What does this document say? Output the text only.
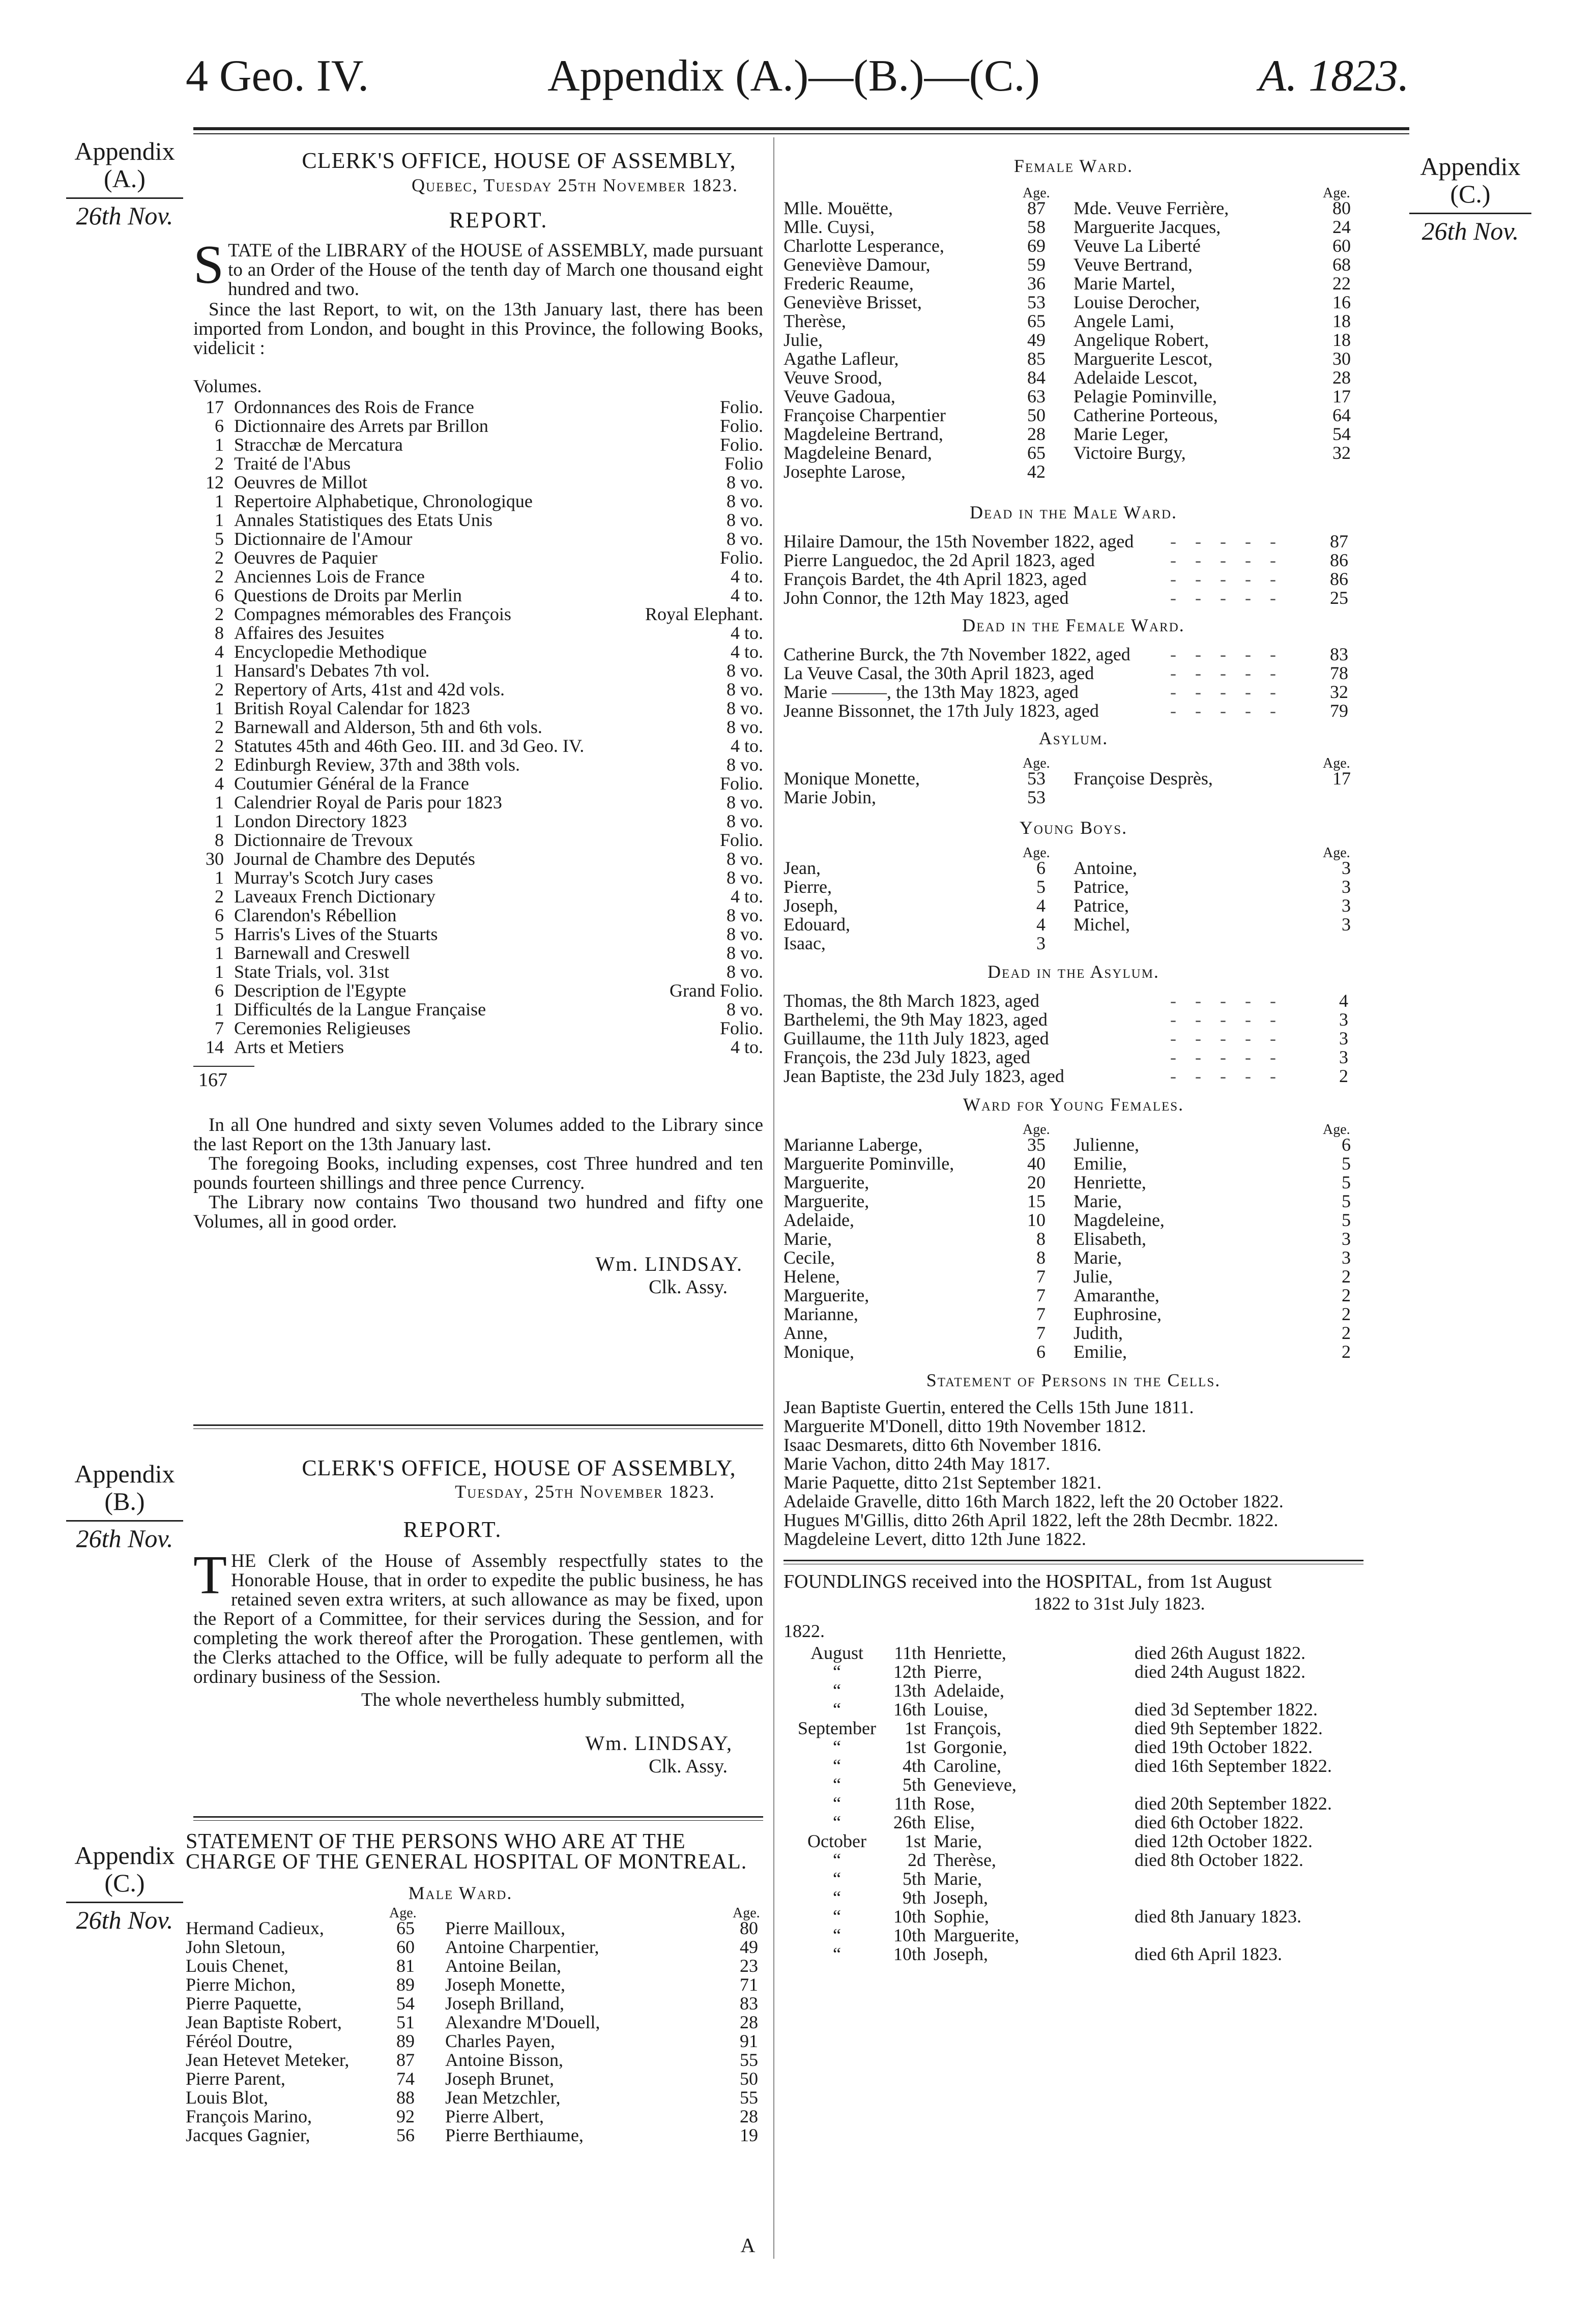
4 Geo. IV.	Appendix (A.)—(B.)—(C.)	A. 1823.
Appendix (A.)
26th Nov.
Appendix (B.)
26th Nov.
Appendix (C.)
26th Nov.
Appendix (C.)
26th Nov.
CLERK'S OFFICE, HOUSE OF ASSEMBLY,
Quebec, Tuesday 25th November 1823.
REPORT.
S TATE of the LIBRARY of the HOUSE of ASSEMBLY, made pursuant to an Order of the House of the tenth day of March one thousand eight hundred and two.
Since the last Report, to wit, on the 13th January last, there has been imported from London, and bought in this Province, the following Books, videlicit :
Volumes.
17 Ordonnances des Rois de France	Folio.
6 Dictionnaire des Arrets par Brillon	Folio.
1 Stracchæ de Mercatura	Folio.
2 Traité de l'Abus	Folio
12 Oeuvres de Millot	8 vo.
1 Repertoire Alphabetique, Chronologique	8 vo.
1 Annales Statistiques des Etats Unis	8 vo.
5 Dictionnaire de l'Amour	8 vo.
2 Oeuvres de Paquier	Folio.
2 Anciennes Lois de France	4 to.
6 Questions de Droits par Merlin	4 to.
2 Compagnes mémorables des François	Royal Elephant.
8 Affaires des Jesuites	4 to.
4 Encyclopedie Methodique	4 to.
1 Hansard's Debates 7th vol.	8 vo.
2 Repertory of Arts, 41st and 42d vols.	8 vo.
1 British Royal Calendar for 1823	8 vo.
2 Barnewall and Alderson, 5th and 6th vols.	8 vo.
2 Statutes 45th and 46th Geo. III. and 3d Geo. IV.	4 to.
2 Edinburgh Review, 37th and 38th vols.	8 vo.
4 Coutumier Général de la France	Folio.
1 Calendrier Royal de Paris pour 1823	8 vo.
1 London Directory 1823	8 vo.
8 Dictionnaire de Trevoux	Folio.
30 Journal de Chambre des Deputés	8 vo.
1 Murray's Scotch Jury cases	8 vo.
2 Laveaux French Dictionary	4 to.
6 Clarendon's Rébellion	8 vo.
5 Harris's Lives of the Stuarts	8 vo.
1 Barnewall and Creswell	8 vo.
1 State Trials, vol. 31st	8 vo.
6 Description de l'Egypte	Grand Folio.
1 Difficultés de la Langue Française	8 vo.
7 Ceremonies Religieuses	Folio.
14 Arts et Metiers	4 to.
167
In all One hundred and sixty seven Volumes added to the Library since the last Report on the 13th January last.
The foregoing Books, including expenses, cost Three hundred and ten pounds fourteen shillings and three pence Currency.
The Library now contains Two thousand two hundred and fifty one Volumes, all in good order.
Wm. LINDSAY.
Clk. Assy.
CLERK'S OFFICE, HOUSE OF ASSEMBLY,
Tuesday, 25th November 1823.
REPORT.
T HE Clerk of the House of Assembly respectfully states to the Honorable House, that in order to expedite the public business, he has retained seven extra writers, at such allowance as may be fixed, upon the Report of a Committee, for their services during the Session, and for completing the work thereof after the Prorogation. These gentlemen, with the Clerks attached to the Office, will be fully adequate to perform all the ordinary business of the Session.
The whole nevertheless humbly submitted,
Wm. LINDSAY,
Clk. Assy.
STATEMENT OF THE PERSONS WHO ARE AT THE CHARGE OF THE GENERAL HOSPITAL OF MONTREAL.
Male Ward.
Age.	Age.
Hermand Cadieux,	65 Pierre Mailloux,	80
John Sletoun,	60 Antoine Charpentier,	49
Louis Chenet,	81 Antoine Beilan,	23
Pierre Michon,	89 Joseph Monette,	71
Pierre Paquette,	54 Joseph Brilland,	83
Jean Baptiste Robert,	51 Alexandre M'Douell,	28
Féréol Doutre,	89 Charles Payen,	91
Jean Hetevet Meteker,	87 Antoine Bisson,	55
Pierre Parent,	74 Joseph Brunet,	50
Louis Blot,	88 Jean Metzchler,	55
François Marino,	92 Pierre Albert,	28
Jacques Gagnier,	56 Pierre Berthiaume,	19
Female Ward.
Age.	Age.
Mlle. Mouëtte,	87 Mde. Veuve Ferrière,	80
Mlle. Cuysi,	58 Marguerite Jacques,	24
Charlotte Lesperance,	69 Veuve La Liberté	60
Geneviève Damour,	59 Veuve Bertrand,	68
Frederic Reaume,	36 Marie Martel,	22
Geneviève Brisset,	53 Louise Derocher,	16
Therèse,	65 Angele Lami,	18
Julie,	49 Angelique Robert,	18
Agathe Lafleur,	85 Marguerite Lescot,	30
Veuve Srood,	84 Adelaide Lescot,	28
Veuve Gadoua,	63 Pelagie Pominville,	17
Françoise Charpentier	50 Catherine Porteous,	64
Magdeleine Bertrand,	28 Marie Leger,	54
Magdeleine Benard,	65 Victoire Burgy,	32
Josephte Larose,	42
Dead in the Male Ward.
Hilaire Damour, the 15th November 1822, aged - - - - -	87
Pierre Languedoc, the 2d April 1823, aged	- - - - -	86
François Bardet, the 4th April 1823, aged	- - - - -	86
John Connor, the 12th May 1823, aged	- - - - -	25
Dead in the Female Ward.
Catherine Burck, the 7th November 1822, aged - - - - -	83
La Veuve Casal, the 30th April 1823, aged	- - - - -	78
Marie ———, the 13th May 1823, aged	- - - - -	32
Jeanne Bissonnet, the 17th July 1823, aged	- - - - -	79
Asylum.
Age.	Age.
Monique Monette,	53 Françoise Desprès,	17
Marie Jobin,	53
Young Boys.
Age.	Age.
Jean,	6 Antoine,	3
Pierre,	5 Patrice,	3
Joseph,	4 Patrice,	3
Edouard,	4 Michel,	3
Isaac,	3
Dead in the Asylum.
Thomas, the 8th March 1823, aged	- - - - -	4
Barthelemi, the 9th May 1823, aged	- - - - -	3
Guillaume, the 11th July 1823, aged	- - - - -	3
François, the 23d July 1823, aged	- - - - -	3
Jean Baptiste, the 23d July 1823, aged	- - - - -	2
Ward for Young Females.
Age.	Age.
Marianne Laberge,	35 Julienne,	6
Marguerite Pominville,	40 Emilie,	5
Marguerite,	20 Henriette,	5
Marguerite,	15 Marie,	5
Adelaide,	10 Magdeleine,	5
Marie,	8 Elisabeth,	3
Cecile,	8 Marie,	3
Helene,	7 Julie,	2
Marguerite,	7 Amaranthe,	2
Marianne,	7 Euphrosine,	2
Anne,	7 Judith,	2
Monique,	6 Emilie,	2
Statement of Persons in the Cells.
Jean Baptiste Guertin, entered the Cells 15th June 1811.
Marguerite M'Donell, ditto 19th November 1812.
Isaac Desmarets, ditto 6th November 1816.
Marie Vachon, ditto 24th May 1817.
Marie Paquette, ditto 21st September 1821.
Adelaide Gravelle, ditto 16th March 1822, left the 20 October 1822.
Hugues M'Gillis, ditto 26th April 1822, left the 28th Decmbr. 1822.
Magdeleine Levert, ditto 12th June 1822.
FOUNDLINGS received into the HOSPITAL, from 1st August
1822 to 31st July 1823.
1822.
August	11th Henriette,	died 26th August 1822.
“	12th Pierre,	died 24th August 1822.
“	13th Adelaide,
“	16th Louise,	died 3d September 1822.
September	1st François,	died 9th September 1822.
“	1st Gorgonie,	died 19th October 1822.
“	4th Caroline,	died 16th September 1822.
“	5th Genevieve,
“	11th Rose,	died 20th September 1822.
“	26th Elise,	died 6th October 1822.
October	1st Marie,	died 12th October 1822.
“	2d Therèse,	died 8th October 1822.
“	5th Marie,
“	9th Joseph,
“	10th Sophie,	died 8th January 1823.
“	10th Marguerite,
“	10th Joseph,	died 6th April 1823.
A
